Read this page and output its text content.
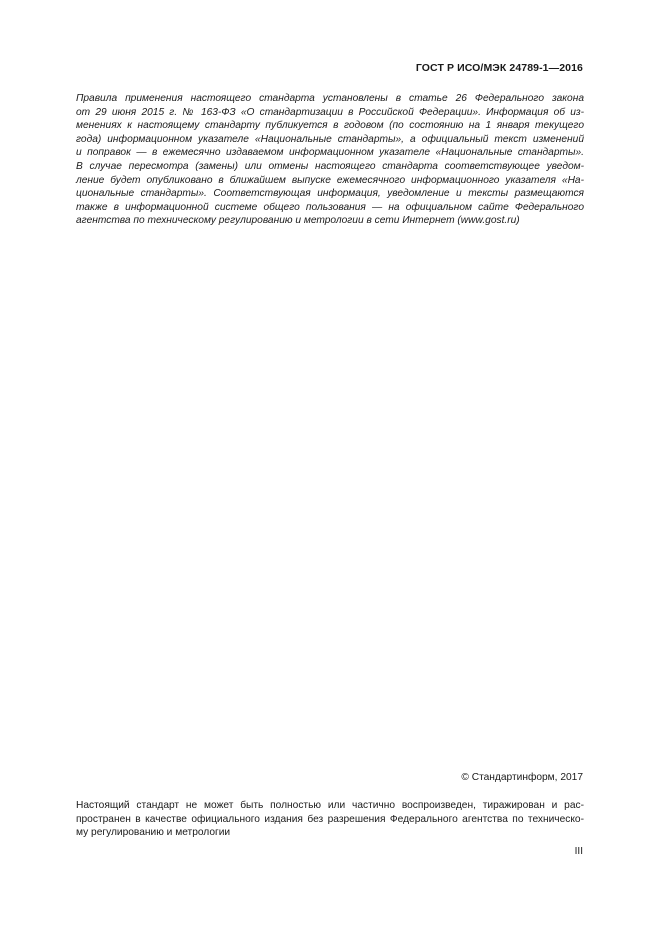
ГОСТ Р ИСО/МЭК 24789-1—2016
Правила применения настоящего стандарта установлены в статье 26 Федерального закона
от 29 июня 2015 г. № 163-ФЗ «О стандартизации в Российской Федерации». Информация об из-
менениях к настоящему стандарту публикуется в годовом (по состоянию на 1 января текущего
года) информационном указателе «Национальные стандарты», а официальный текст изменений
и поправок — в ежемесячно издаваемом информационном указателе «Национальные стандарты».
В случае пересмотра (замены) или отмены настоящего стандарта соответствующее уведом-
ление будет опубликовано в ближайшем выпуске ежемесячного информационного указателя «На-
циональные стандарты». Соответствующая информация, уведомление и тексты размещаются
также в информационной системе общего пользования — на официальном сайте Федерального
агентства по техническому регулированию и метрологии в сети Интернет (www.gost.ru)
© Стандартинформ, 2017
Настоящий стандарт не может быть полностью или частично воспроизведен, тиражирован и рас-
пространен в качестве официального издания без разрешения Федерального агентства по техническо-
му регулированию и метрологии
III
